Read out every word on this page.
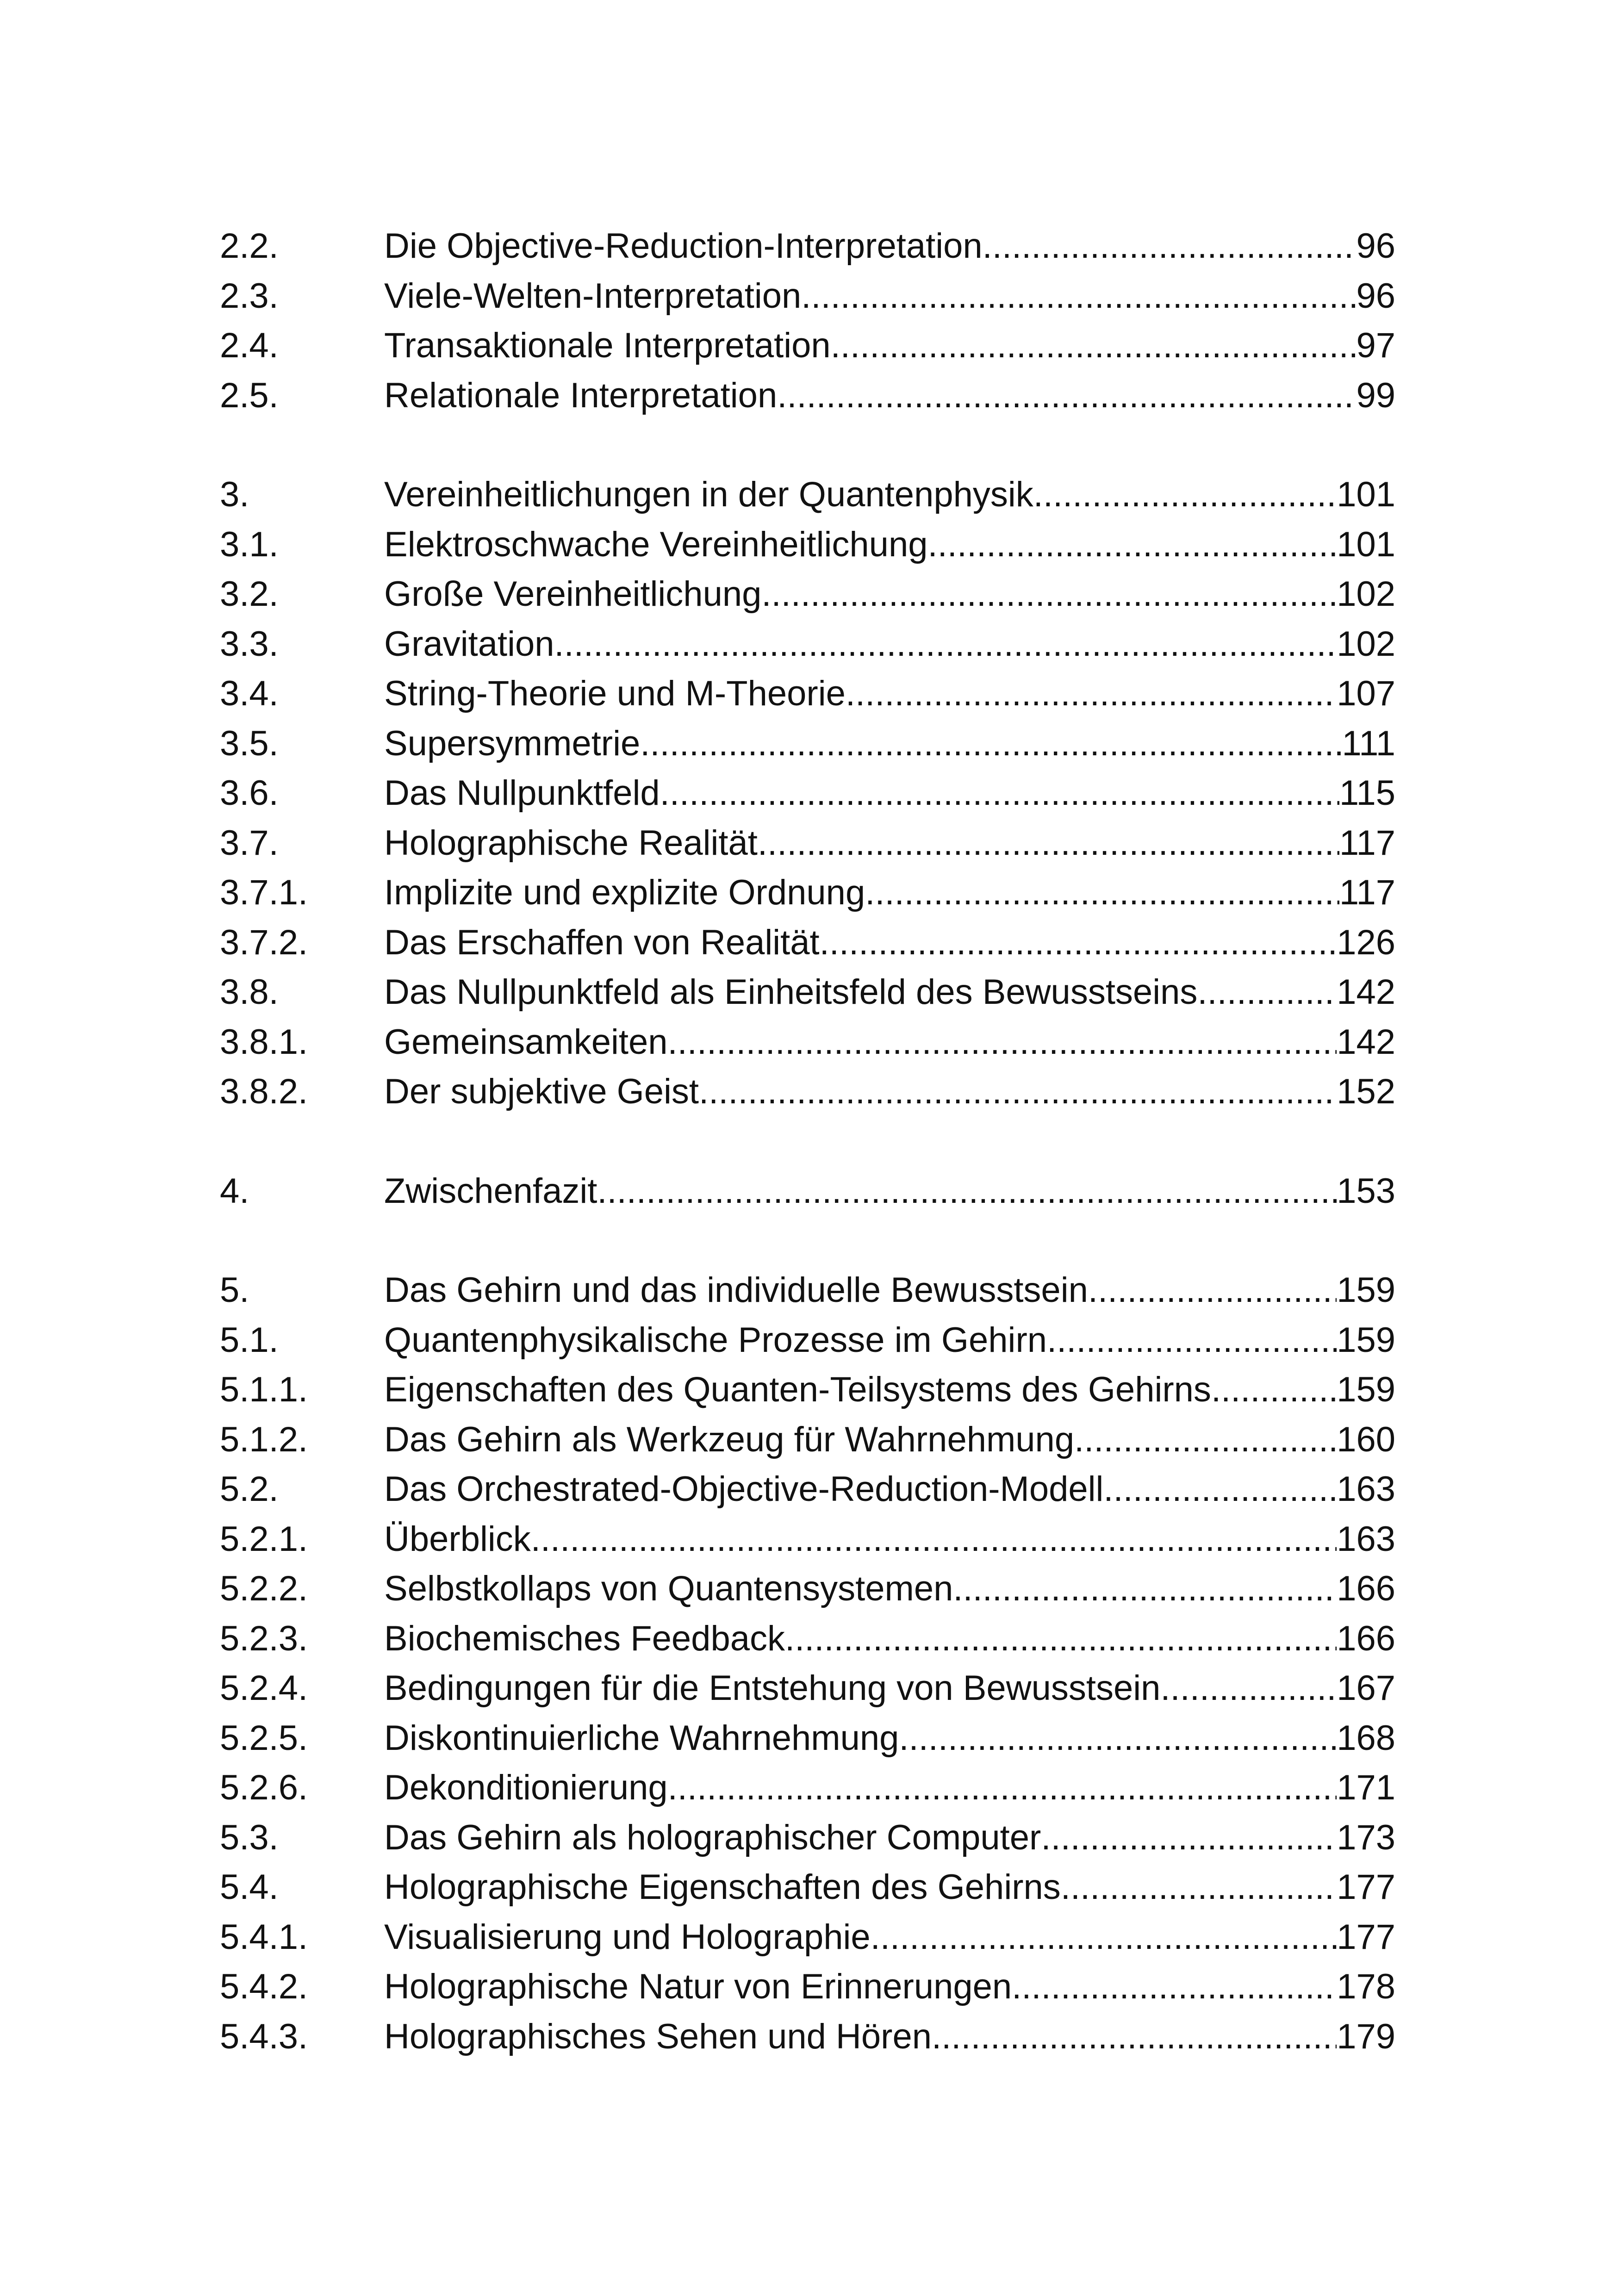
2.2.	Die Objective-Reduction-Interpretation .....	96
2.3.	Viele-Welten-Interpretation .....	96
2.4.	Transaktionale Interpretation .....	97
2.5.	Relationale Interpretation .....	99
3.	Vereinheitlichungen in der Quantenphysik .....	101
3.1.	Elektroschwache Vereinheitlichung .....	101
3.2.	Große Vereinheitlichung .....	102
3.3.	Gravitation .....	102
3.4.	String-Theorie und M-Theorie .....	107
3.5.	Supersymmetrie .....	111
3.6.	Das Nullpunktfeld .....	115
3.7.	Holographische Realität .....	117
3.7.1.	Implizite und explizite Ordnung .....	117
3.7.2.	Das Erschaffen von Realität .....	126
3.8.	Das Nullpunktfeld als Einheitsfeld des Bewusstseins .....	142
3.8.1.	Gemeinsamkeiten .....	142
3.8.2.	Der subjektive Geist .....	152
4.	Zwischenfazit .....	153
5.	Das Gehirn und das individuelle Bewusstsein .....	159
5.1.	Quantenphysikalische Prozesse im Gehirn .....	159
5.1.1.	Eigenschaften des Quanten-Teilsystems des Gehirns .....	159
5.1.2.	Das Gehirn als Werkzeug für Wahrnehmung .....	160
5.2.	Das Orchestrated-Objective-Reduction-Modell .....	163
5.2.1.	Überblick .....	163
5.2.2.	Selbstkollaps von Quantensystemen .....	166
5.2.3.	Biochemisches Feedback .....	166
5.2.4.	Bedingungen für die Entstehung von Bewusstsein .....	167
5.2.5.	Diskontinuierliche Wahrnehmung .....	168
5.2.6.	Dekonditionierung .....	171
5.3.	Das Gehirn als holographischer Computer .....	173
5.4.	Holographische Eigenschaften des Gehirns .....	177
5.4.1.	Visualisierung und Holographie .....	177
5.4.2.	Holographische Natur von Erinnerungen .....	178
5.4.3.	Holographisches Sehen und Hören .....	179
